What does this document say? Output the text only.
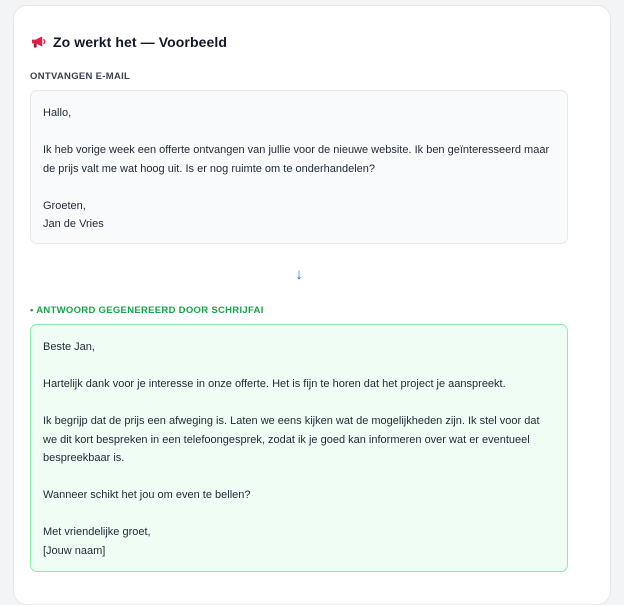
Zo werkt het — Voorbeeld
ONTVANGEN E-MAIL

Hallo,

Ik heb vorige week een offerte ontvangen van jullie voor de nieuwe website. Ik ben geïnteresseerd maar de prijs valt me wat hoog uit. Is er nog ruimte om te onderhandelen?

Groeten,
Jan de Vries

↓
• ANTWOORD GEGENEREERD DOOR SCHRIJFAI

Beste Jan,

Hartelijk dank voor je interesse in onze offerte. Het is fijn te horen dat het project je aanspreekt.

Ik begrijp dat de prijs een afweging is. Laten we eens kijken wat de mogelijkheden zijn. Ik stel voor dat we dit kort bespreken in een telefoongesprek, zodat ik je goed kan informeren over wat er eventueel bespreekbaar is.

Wanneer schikt het jou om even te bellen?

Met vriendelijke groet,
[Jouw naam]
